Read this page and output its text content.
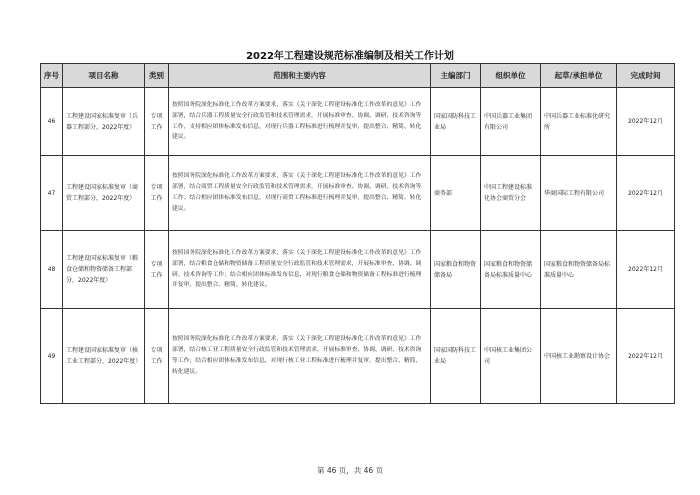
2022年工程建设规范标准编制及相关工作计划
序号	项目名称	类别	范围和主要内容	主编部门	组织单位	起草/承担单位	完成时间
46	工程建设国家标准复审（兵器工程部分，2022年度）	专项工作	按照国务院深化标准化工作改革方案要求，落实《关于深化工程建设标准化工作改革的意见》工作部署，结合兵器工程质量安全行政监管和技术管理需求，开展标准审查、协调、调研、技术咨询等工作，支持相应团体标准发布信息，对现行兵器工程标准进行梳理并复审，提出整合、精简、转化建议。	国家国防科技工业局	中国兵器工业集团有限公司	中国兵器工业标准化研究所	2022年12月
47	工程建设国家标准复审（商贸工程部分，2022年度）	专项工作	按照国务院深化标准化工作改革方案要求，落实《关于深化工程建设标准化工作改革的意见》工作部署，结合商贸工程质量安全行政监管和技术管理需求，开展标准审查、协调、调研、技术咨询等工作；结合相应团体标准发布信息，对现行商贸工程标准进行梳理并复审，提出整合、精简、转化建议。	商务部	中国工程建设标准化协会商贸分会	华商国际工程有限公司	2022年12月
48	工程建设国家标准复审（粮食仓储和物资储备工程部分，2022年度）	专项工作	按照国务院深化标准化工作改革方案要求，落实《关于深化工程建设标准化工作改革的意见》工作部署，结合粮食仓储和物资储备工程质量安全行政监管和技术管理需求，开展标准审查、协调、调研、技术咨询等工作；结合相应团体标准发布信息，对现行粮食仓储和物资储备工程标准进行梳理并复审，提出整合、精简、转化建议。	国家粮食和物资储备局	国家粮食和物资储备局标准质量中心	国家粮食和物资储备局标准质量中心	2022年12月
49	工程建设国家标准复审（核工业工程部分，2022年度）	专项工作	按照国务院深化标准化工作改革方案要求，落实《关于深化工程建设标准化工作改革的意见》工作部署，结合核工业工程质量安全行政监管和技术管理需求，开展标准审查、协调、调研、技术咨询等工作；结合相应团体标准发布信息，对现行核工业工程标准进行梳理并复审，提出整合、精简、转化建议。	国家国防科技工业局	中国核工业集团公司	中国核工业勘察设计协会	2022年12月
第 46 页，共 46 页
